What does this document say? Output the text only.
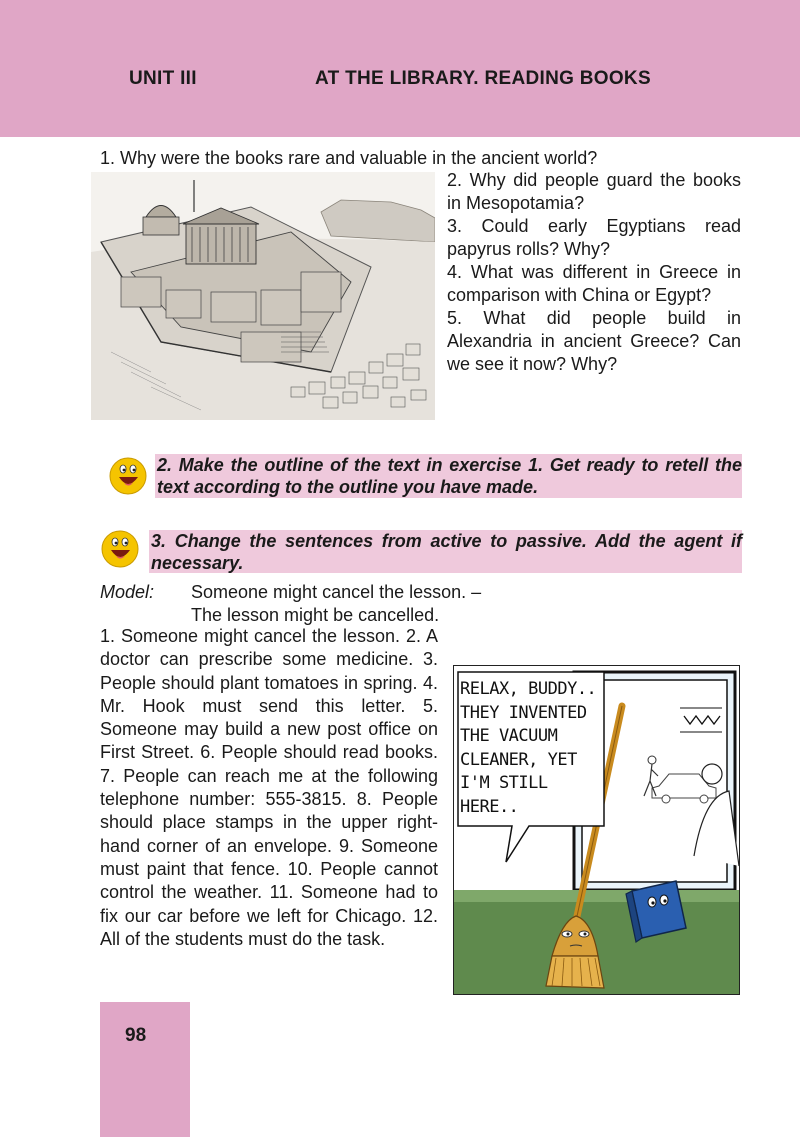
UNIT III	AT THE LIBRARY. READING BOOKS
1. Why were the books rare and valuable in the ancient world?

2. Why did people guard the books in Mesopotamia?

3. Could early Egyptians read papyrus rolls? Why?

4. What was different in Greece in comparison with China or Egypt?

5. What did people build in Alexandria in ancient Greece? Can we see it now? Why?

2. Make the outline of the text in exercise 1. Get ready to retell the text according to the outline you have made.
3. Change the sentences from active to passive. Add the agent if necessary.
Model: Someone might cancel the lesson. –
The lesson might be cancelled.

1. Someone might cancel the lesson. 2. A doctor can prescribe some medicine. 3. People should plant tomatoes in spring. 4. Mr. Hook must send this letter. 5. Someone may build a new post office on First Street. 6. People should read books. 7. People can reach me at the following telephone number: 555-3815. 8. People should place stamps in the upper right-hand corner of an envelope. 9. Someone must paint that fence. 10. People cannot control the weather. 11. Someone had to fix our car before we left for Chicago. 12. All of the students must do the task.

RELAX, BUDDY..
THEY INVENTED
THE VACUUM
CLEANER, YET
I'M STILL
HERE..
98
